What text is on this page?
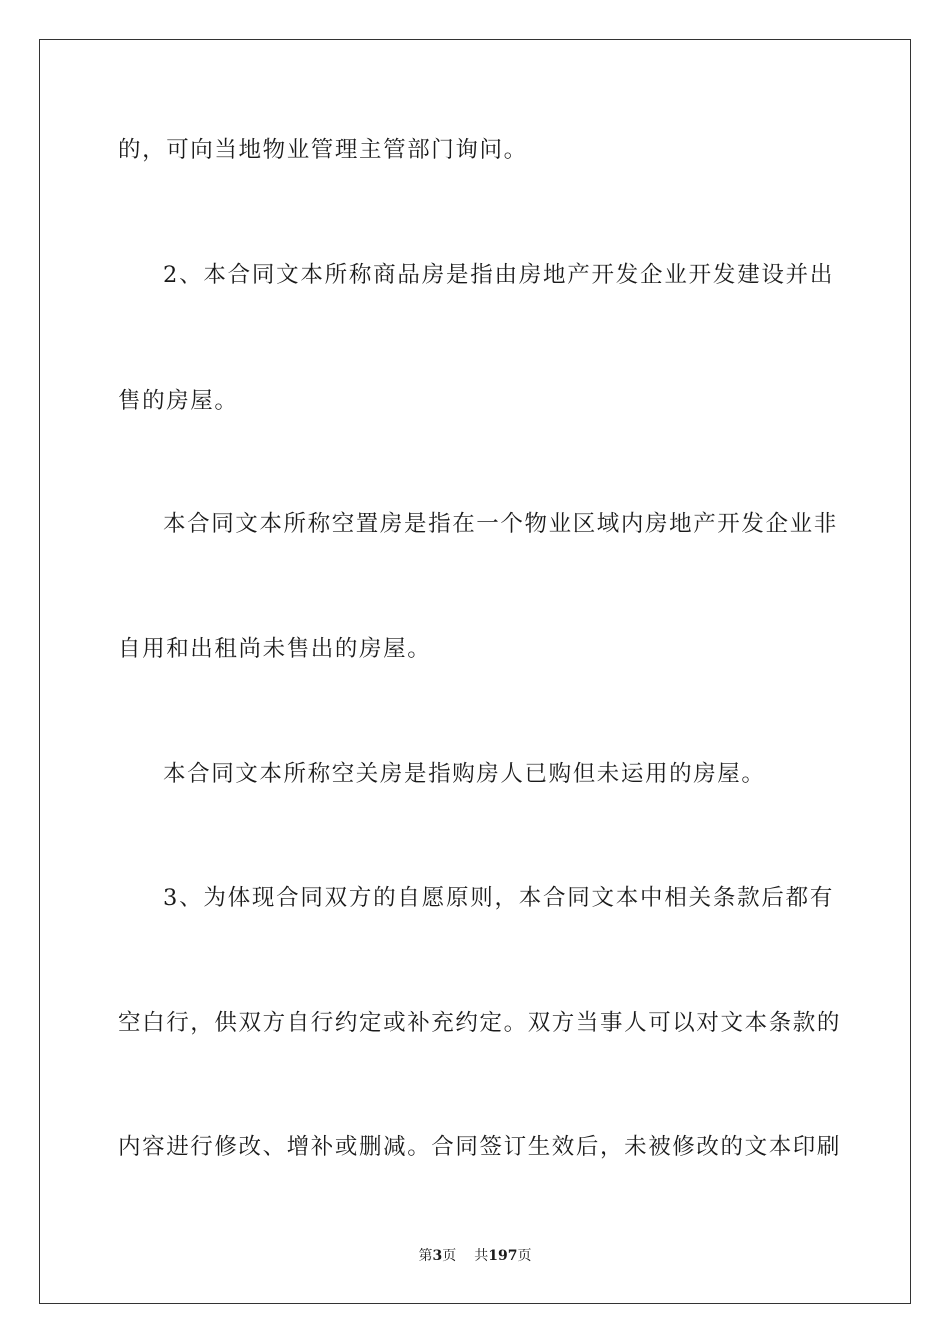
的，可向当地物业管理主管部门询问。
2、本合同文本所称商品房是指由房地产开发企业开发建设并出
售的房屋。
本合同文本所称空置房是指在一个物业区域内房地产开发企业非
自用和出租尚未售出的房屋。
本合同文本所称空关房是指购房人已购但未运用的房屋。
3、为体现合同双方的自愿原则，本合同文本中相关条款后都有
空白行，供双方自行约定或补充约定。双方当事人可以对文本条款的
内容进行修改、增补或删减。合同签订生效后，未被修改的文本印刷
第3页 共197页
